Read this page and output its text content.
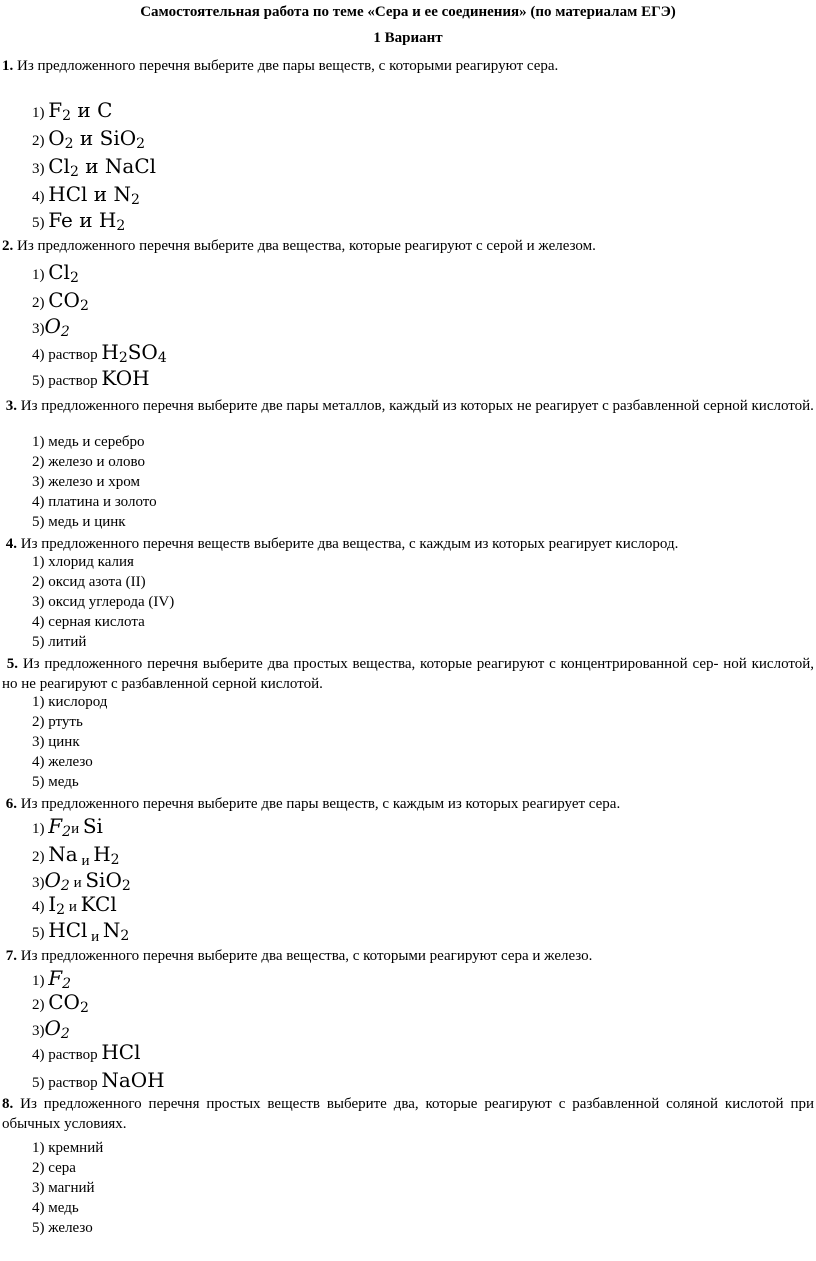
Самостоятельная работа по теме «Сера и ее соединения» (по материалам ЕГЭ)
1 Вариант
1. Из предложенного перечня выберите две пары веществ, с которыми реагируют сера.
1) F2 и C
2) O2 и SiO2
3) Cl2 и NaCl
4) HCl и N2
5) Fe и H2
2. Из предложенного перечня выберите два вещества, которые реагируют с серой и железом.
1) Cl2
2) CO2
3)O2
4) раствор H2SO4
5) раствор KOH
3. Из предложенного перечня выберите две пары металлов, каждый из которых не реагирует с разбавленной серной кислотой.
1) медь и серебро
2) железо и олово
3) железо и хром
4) платина и золото
5) медь и цинк
4. Из предложенного перечня веществ выберите два вещества, с каждым из которых реагирует кислород.
1) хлорид калия
2) оксид азота (II)
3) оксид углерода (IV)
4) серная кислота
5) литий
5. Из предложенного перечня выберите два простых вещества, которые реагируют с концентрированной сер- ной кислотой, но не реагируют с разбавленной серной кислотой.
1) кислород
2) ртуть
3) цинк
4) железо
5) медь
6. Из предложенного перечня выберите две пары веществ, с каждым из которых реагирует сера.
1) F2и Si
2) Na и H2
3)O2 и SiO2
4) I2 и KCl
5) HCl и N2
7. Из предложенного перечня выберите два вещества, с которыми реагируют сера и железо.
1) F2
2) CO2
3)O2
4) раствор HCl
5) раствор NaOH
8. Из предложенного перечня простых веществ выберите два, которые реагируют с разбавленной соляной кислотой при обычных условиях.
1) кремний
2) сера
3) магний
4) медь
5) железо
